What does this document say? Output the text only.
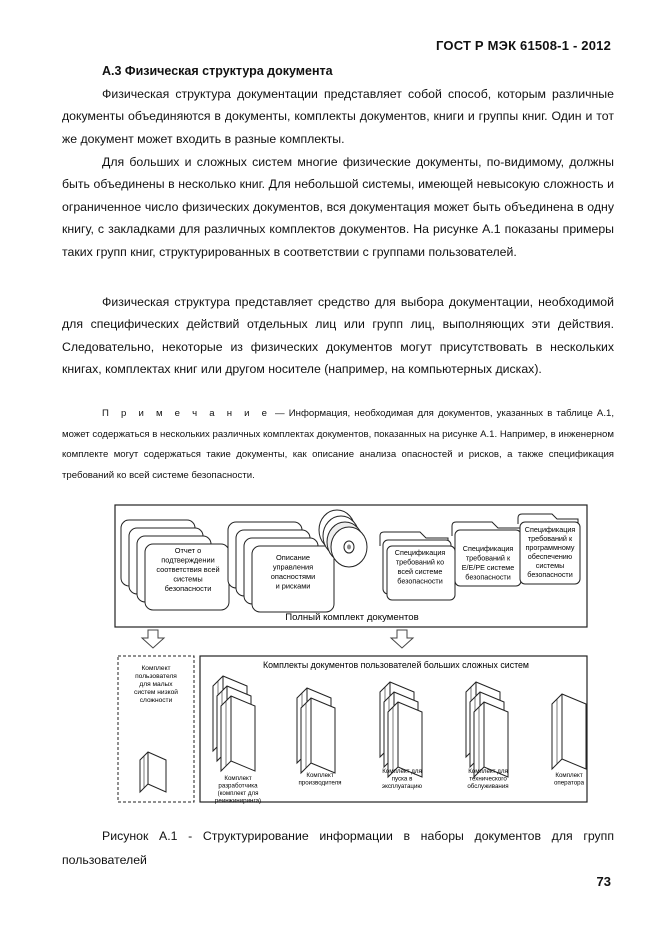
ГОСТ Р МЭК 61508-1 - 2012
А.3 Физическая структура документа

Физическая структура документации представляет собой способ, которым различные документы объединяются в документы, комплекты документов, книги и группы книг. Один и тот же документ может входить в разные комплекты.

Для больших и сложных систем многие физические документы, по-видимому, должны быть объединены в несколько книг. Для небольшой системы, имеющей невысокую сложность и ограниченное число физических документов, вся документация может быть объединена в одну книгу, с закладками для различных комплектов документов. На рисунке А.1 показаны примеры таких групп книг, структурированных в соответствии с группами пользователей.

Физическая структура представляет средство для выбора документации, необходимой для специфических действий отдельных лиц или групп лиц, выполняющих эти действия. Следовательно, некоторые из физических документов могут присутствовать в нескольких книгах, комплектах книг или другом носителе (например, на компьютерных дисках).

П р и м е ч а н и е — Информация, необходимая для документов, указанных в таблице А.1, может содержаться в нескольких различных комплектах документов, показанных на рисунке А.1. Например, в инженерном комплекте могут содержаться такие документы, как описание анализа опасностей и рисков, а также спецификация требований ко всей системе безопасности.

Отчет о подтверждении соответствия всей системы безопасности
Описание управления опасностями и рисками
Спецификация требований ко всей системе безопасности
Спецификация требований к Е/Е/РЕ системе безопасности
Спецификация требований к программному обеспечению системы безопасности
Полный комплект документов
Комплект пользователя для малых систем низкой сложности
Комплекты документов пользователей больших сложных систем
Комплект разработчика (комплект для реинжиниринга)
Комплект производителя
Комплект для пуска в эксплуатацию
Комплект для технического обслуживания
Комплект оператора

Рисунок А.1 - Структурирование информации в наборы документов для групп пользователей

73
